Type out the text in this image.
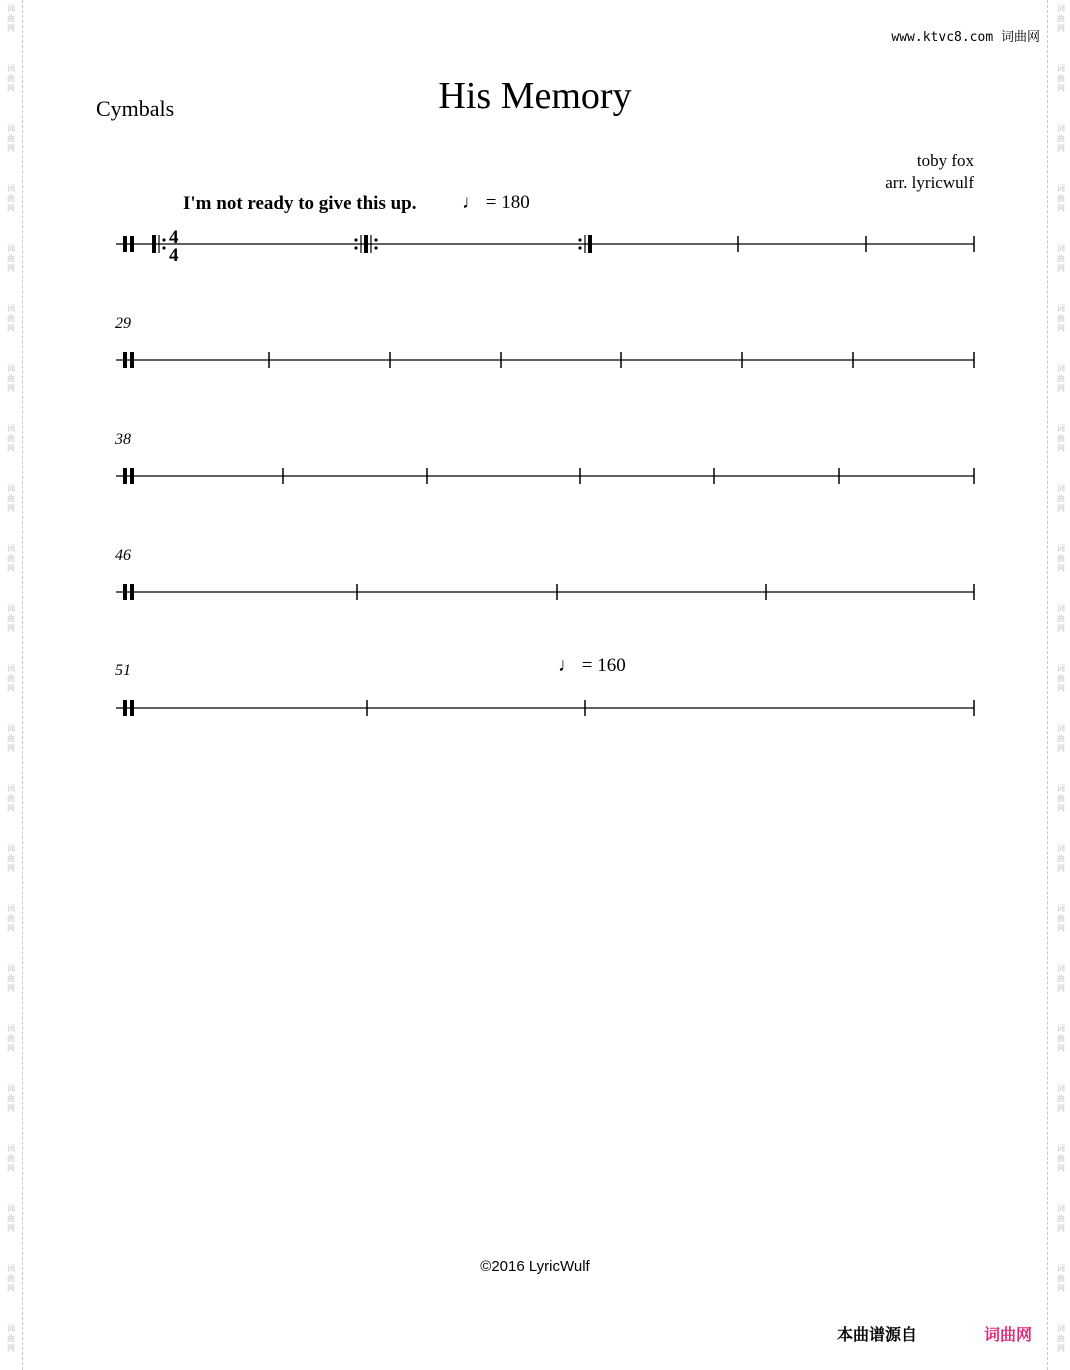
词
曲
网
词
曲
网
词
曲
网
词
曲
网
词
曲
网
词
曲
网
词
曲
网
词
曲
网
词
曲
网
词
曲
网
词
曲
网
词
曲
网
词
曲
网
词
曲
网
词
曲
网
词
曲
网
词
曲
网
词
曲
网
词
曲
网
词
曲
网
词
曲
网
词
曲
网
词
曲
网
词
曲
网
词
曲
网
词
曲
网
词
曲
网
词
曲
网
词
曲
网
词
曲
网
词
曲
网
词
曲
网
词
曲
网
词
曲
网
词
曲
网
词
曲
网
词
曲
网
词
曲
网
词
曲
网
词
曲
网
词
曲
网
词
曲
网
词
曲
网
词
曲
网
词
曲
网
词
曲
网
www.ktvc8.com 词曲网
His Memory
Cymbals
toby fox
arr. lyricwulf
I'm not ready to give this up. ♩ = 180
♩ = 160
29
38
46
51
4
4
©2016 LyricWulf
本曲谱源自	词曲网
